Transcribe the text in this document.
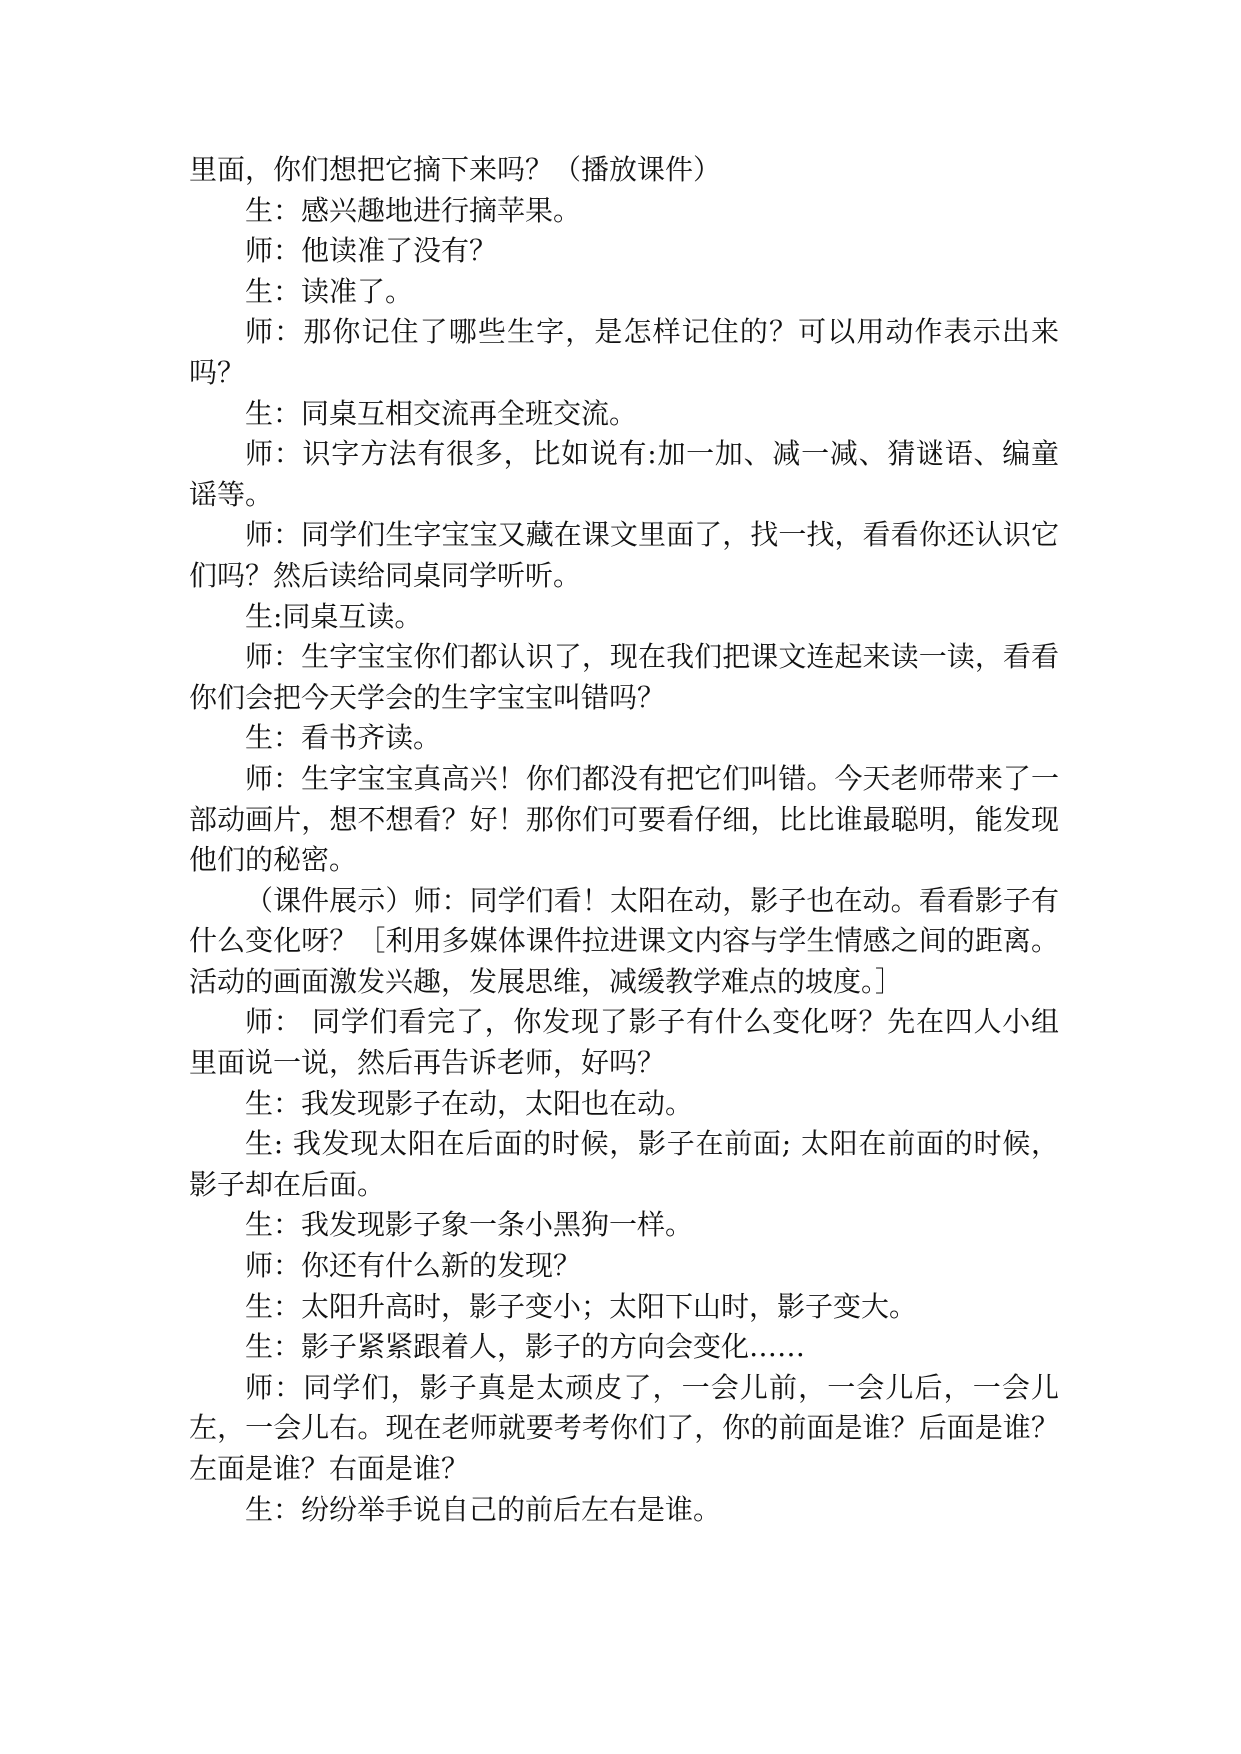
里面，你们想把它摘下来吗？（播放课件）

生：感兴趣地进行摘苹果。

师：他读准了没有？

生：读准了。

师：那你记住了哪些生字，是怎样记住的？可以用动作表示出来吗？

生：同桌互相交流再全班交流。

师：识字方法有很多，比如说有:加一加、减一减、猜谜语、编童谣等。

师：同学们生字宝宝又藏在课文里面了，找一找，看看你还认识它们吗？然后读给同桌同学听听。

生:同桌互读。

师：生字宝宝你们都认识了，现在我们把课文连起来读一读，看看你们会把今天学会的生字宝宝叫错吗？

生：看书齐读。

师：生字宝宝真高兴！你们都没有把它们叫错。今天老师带来了一部动画片，想不想看？好！那你们可要看仔细，比比谁最聪明，能发现他们的秘密。

（课件展示）师：同学们看！太阳在动，影子也在动。看看影子有什么变化呀？［利用多媒体课件拉进课文内容与学生情感之间的距离。活动的画面激发兴趣，发展思维，减缓教学难点的坡度。］

师： 同学们看完了，你发现了影子有什么变化呀？先在四人小组里面说一说，然后再告诉老师，好吗？

生：我发现影子在动，太阳也在动。

生: 我发现太阳在后面的时候，影子在前面; 太阳在前面的时候，影子却在后面。

生：我发现影子象一条小黑狗一样。

师：你还有什么新的发现？

生：太阳升高时，影子变小；太阳下山时，影子变大。

生：影子紧紧跟着人，影子的方向会变化……

师：同学们，影子真是太顽皮了，一会儿前，一会儿后，一会儿左，一会儿右。现在老师就要考考你们了，你的前面是谁？后面是谁？左面是谁？右面是谁？

生：纷纷举手说自己的前后左右是谁。
